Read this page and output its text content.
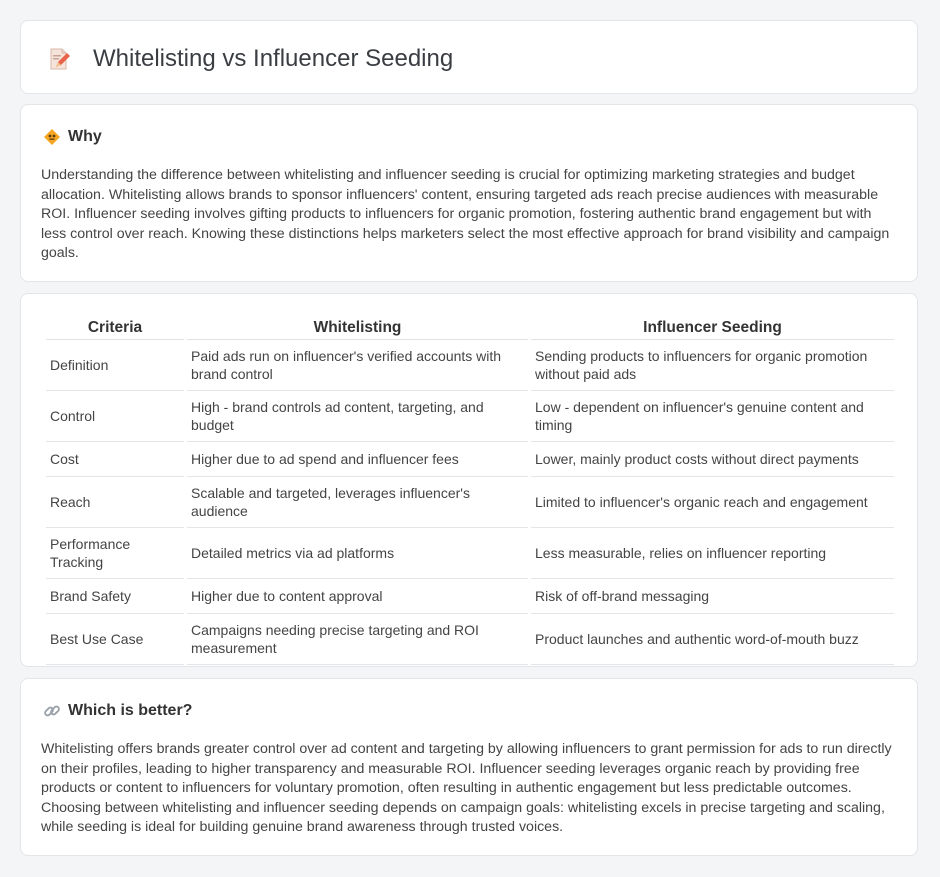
Whitelisting vs Influencer Seeding
Why

Understanding the difference between whitelisting and influencer seeding is crucial for optimizing marketing strategies and budget allocation. Whitelisting allows brands to sponsor influencers' content, ensuring targeted ads reach precise audiences with measurable ROI. Influencer seeding involves gifting products to influencers for organic promotion, fostering authentic brand engagement but with less control over reach. Knowing these distinctions helps marketers select the most effective approach for brand visibility and campaign goals.

Criteria	Whitelisting	Influencer Seeding
Definition	Paid ads run on influencer's verified accounts with brand control	Sending products to influencers for organic promotion without paid ads
Control	High - brand controls ad content, targeting, and budget	Low - dependent on influencer's genuine content and timing
Cost	Higher due to ad spend and influencer fees	Lower, mainly product costs without direct payments
Reach	Scalable and targeted, leverages influencer's audience	Limited to influencer's organic reach and engagement
Performance Tracking	Detailed metrics via ad platforms	Less measurable, relies on influencer reporting
Brand Safety	Higher due to content approval	Risk of off-brand messaging
Best Use Case	Campaigns needing precise targeting and ROI measurement	Product launches and authentic word-of-mouth buzz
Which is better?

Whitelisting offers brands greater control over ad content and targeting by allowing influencers to grant permission for ads to run directly on their profiles, leading to higher transparency and measurable ROI. Influencer seeding leverages organic reach by providing free products or content to influencers for voluntary promotion, often resulting in authentic engagement but less predictable outcomes. Choosing between whitelisting and influencer seeding depends on campaign goals: whitelisting excels in precise targeting and scaling, while seeding is ideal for building genuine brand awareness through trusted voices.
